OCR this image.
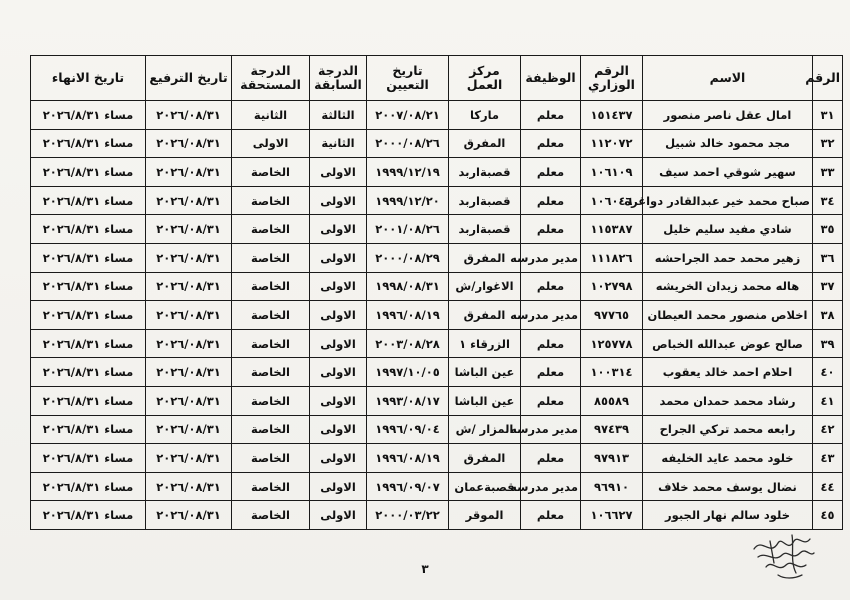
الرقم	الاسم	الرقم الوزاري	الوظيفة	مركز العمل	تاريخ التعيين	الدرجة السابقة	الدرجة المستحقة	تاريخ الترفيع	تاريخ الانهاء
٣١	امال عقل ناصر منصور	١٥١٤٣٧	معلم	ماركا	٢٠٠٧/٠٨/٢١	الثالثة	الثانية	٢٠٢٦/٠٨/٣١	مساء ٢٠٢٦/٨/٣١
٣٢	مجد محمود خالد شبيل	١١٢٠٧٢	معلم	المفرق	٢٠٠٠/٠٨/٢٦	الثانية	الاولى	٢٠٢٦/٠٨/٣١	مساء ٢٠٢٦/٨/٣١
٣٣	سهير شوقي احمد سيف	١٠٦١٠٩	معلم	قصبةاربد	١٩٩٩/١٢/١٩	الاولى	الخاصة	٢٠٢٦/٠٨/٣١	مساء ٢٠٢٦/٨/٣١
٣٤	صباح محمد خير عبدالقادر دواغره	١٠٦٠٤٦	معلم	قصبةاربد	١٩٩٩/١٢/٢٠	الاولى	الخاصة	٢٠٢٦/٠٨/٣١	مساء ٢٠٢٦/٨/٣١
٣٥	شادي مفيد سليم خليل	١١٥٣٨٧	معلم	قصبةاربد	٢٠٠١/٠٨/٢٦	الاولى	الخاصة	٢٠٢٦/٠٨/٣١	مساء ٢٠٢٦/٨/٣١
٣٦	زهير محمد حمد الجراحشه	١١١٨٢٦	مدير مدرسه	المفرق	٢٠٠٠/٠٨/٢٩	الاولى	الخاصة	٢٠٢٦/٠٨/٣١	مساء ٢٠٢٦/٨/٣١
٣٧	هاله محمد زيدان الخريشه	١٠٢٧٩٨	معلم	الاغوار/ش	١٩٩٨/٠٨/٣١	الاولى	الخاصة	٢٠٢٦/٠٨/٣١	مساء ٢٠٢٦/٨/٣١
٣٨	اخلاص منصور محمد العيطان	٩٧٧٦٥	مدير مدرسه	المفرق	١٩٩٦/٠٨/١٩	الاولى	الخاصة	٢٠٢٦/٠٨/٣١	مساء ٢٠٢٦/٨/٣١
٣٩	صالح عوض عبدالله الخباص	١٢٥٧٧٨	معلم	الزرقاء ١	٢٠٠٣/٠٨/٢٨	الاولى	الخاصة	٢٠٢٦/٠٨/٣١	مساء ٢٠٢٦/٨/٣١
٤٠	احلام احمد خالد يعقوب	١٠٠٣١٤	معلم	عين الباشا	١٩٩٧/١٠/٠٥	الاولى	الخاصة	٢٠٢٦/٠٨/٣١	مساء ٢٠٢٦/٨/٣١
٤١	رشاد محمد حمدان محمد	٨٥٥٨٩	معلم	عين الباشا	١٩٩٣/٠٨/١٧	الاولى	الخاصة	٢٠٢٦/٠٨/٣١	مساء ٢٠٢٦/٨/٣١
٤٢	رابعه محمد تركي الجراح	٩٧٤٣٩	مدير مدرسه	المزار /ش	١٩٩٦/٠٩/٠٤	الاولى	الخاصة	٢٠٢٦/٠٨/٣١	مساء ٢٠٢٦/٨/٣١
٤٣	خلود محمد عايد الخليفه	٩٧٩١٣	معلم	المفرق	١٩٩٦/٠٨/١٩	الاولى	الخاصة	٢٠٢٦/٠٨/٣١	مساء ٢٠٢٦/٨/٣١
٤٤	نضال يوسف محمد خلاف	٩٦٩١٠	مدير مدرسه	قصبةعمان	١٩٩٦/٠٩/٠٧	الاولى	الخاصة	٢٠٢٦/٠٨/٣١	مساء ٢٠٢٦/٨/٣١
٤٥	خلود سالم نهار الجبور	١٠٦٦٢٧	معلم	الموقر	٢٠٠٠/٠٣/٢٢	الاولى	الخاصة	٢٠٢٦/٠٨/٣١	مساء ٢٠٢٦/٨/٣١
٣
